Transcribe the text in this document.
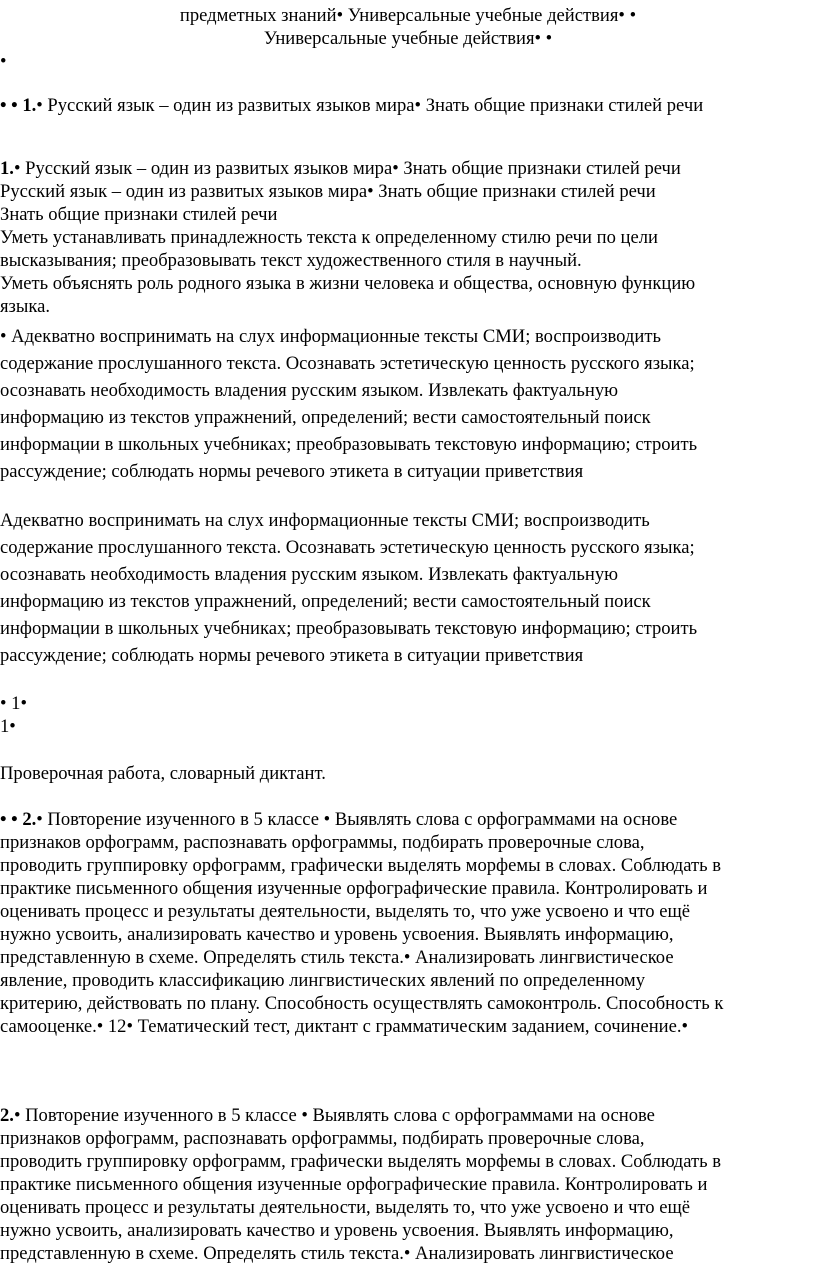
предметных знаний• Универсальные учебные действия• •
Универсальные учебные действия• •
•
• • 1.• Русский язык – один из развитых языков мира• Знать общие признаки стилей речи
1.• Русский язык – один из развитых языков мира• Знать общие признаки стилей речи
Русский язык – один из развитых языков мира• Знать общие признаки стилей речи
Знать общие признаки стилей речи
Уметь устанавливать принадлежность текста к определенному стилю речи по цели
высказывания; преобразовывать текст художественного стиля в научный.
Уметь объяснять роль родного языка в жизни человека и общества, основную функцию
языка.
• Адекватно воспринимать на слух информационные тексты СМИ; воспроизводить
содержание прослушанного текста. Осознавать эстетическую ценность русского языка;
осознавать необходимость владения русским языком. Извлекать фактуальную
информацию из текстов упражнений, определений; вести самостоятельный поиск
информации в школьных учебниках; преобразовывать текстовую информацию; строить
рассуждение; соблюдать нормы речевого этикета в ситуации приветствия
Адекватно воспринимать на слух информационные тексты СМИ; воспроизводить
содержание прослушанного текста. Осознавать эстетическую ценность русского языка;
осознавать необходимость владения русским языком. Извлекать фактуальную
информацию из текстов упражнений, определений; вести самостоятельный поиск
информации в школьных учебниках; преобразовывать текстовую информацию; строить
рассуждение; соблюдать нормы речевого этикета в ситуации приветствия
• 1•
1•
Проверочная работа, словарный диктант.
• • 2.• Повторение изученного в 5 классе • Выявлять слова с орфограммами на основе
признаков орфограмм, распознавать орфограммы, подбирать проверочные слова,
проводить группировку орфограмм, графически выделять морфемы в словах. Соблюдать в
практике письменного общения изученные орфографические правила. Контролировать и
оценивать процесс и результаты деятельности, выделять то, что уже усвоено и что ещё
нужно усвоить, анализировать качество и уровень усвоения. Выявлять информацию,
представленную в схеме. Определять стиль текста.• Анализировать лингвистическое
явление, проводить классификацию лингвистических явлений по определенному
критерию, действовать по плану. Способность осуществлять самоконтроль. Способность к
самооценке.• 12• Тематический тест, диктант с грамматическим заданием, сочинение.•
2.• Повторение изученного в 5 классе • Выявлять слова с орфограммами на основе
признаков орфограмм, распознавать орфограммы, подбирать проверочные слова,
проводить группировку орфограмм, графически выделять морфемы в словах. Соблюдать в
практике письменного общения изученные орфографические правила. Контролировать и
оценивать процесс и результаты деятельности, выделять то, что уже усвоено и что ещё
нужно усвоить, анализировать качество и уровень усвоения. Выявлять информацию,
представленную в схеме. Определять стиль текста.• Анализировать лингвистическое
